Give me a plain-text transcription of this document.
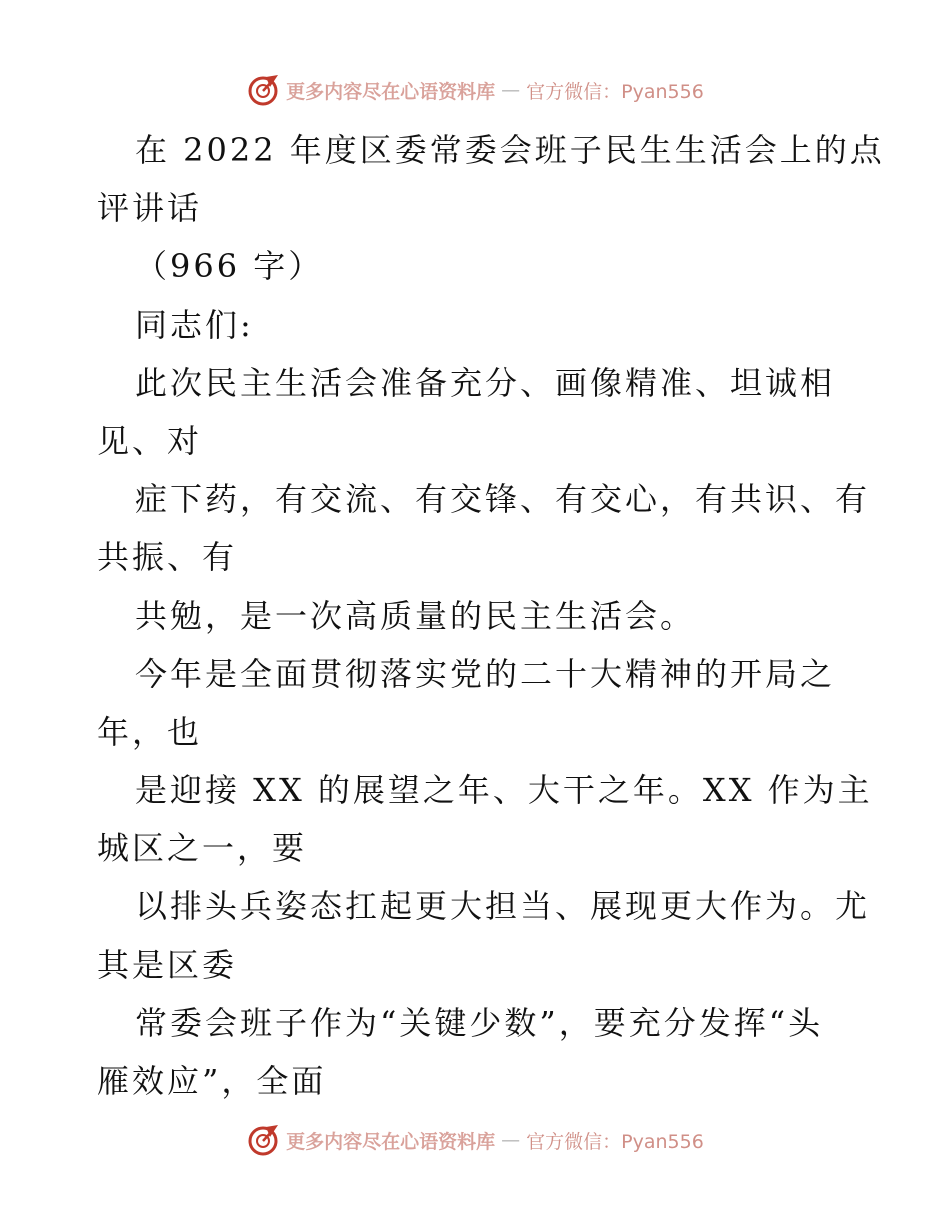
更多内容尽在心语资料库 — 官方微信：Pyan556
在 2022 年度区委常委会班子民生生活会上的点
评讲话
（966 字）
同志们:
此次民主生活会准备充分、画像精准、坦诚相
见、对
症下药，有交流、有交锋、有交心，有共识、有
共振、有
共勉，是一次高质量的民主生活会。
今年是全面贯彻落实党的二十大精神的开局之
年，也
是迎接 XX 的展望之年、大干之年。XX 作为主
城区之一，要
以排头兵姿态扛起更大担当、展现更大作为。尤
其是区委
常委会班子作为“关键少数”，要充分发挥“头
雁效应”，全面
更多内容尽在心语资料库 — 官方微信：Pyan556
